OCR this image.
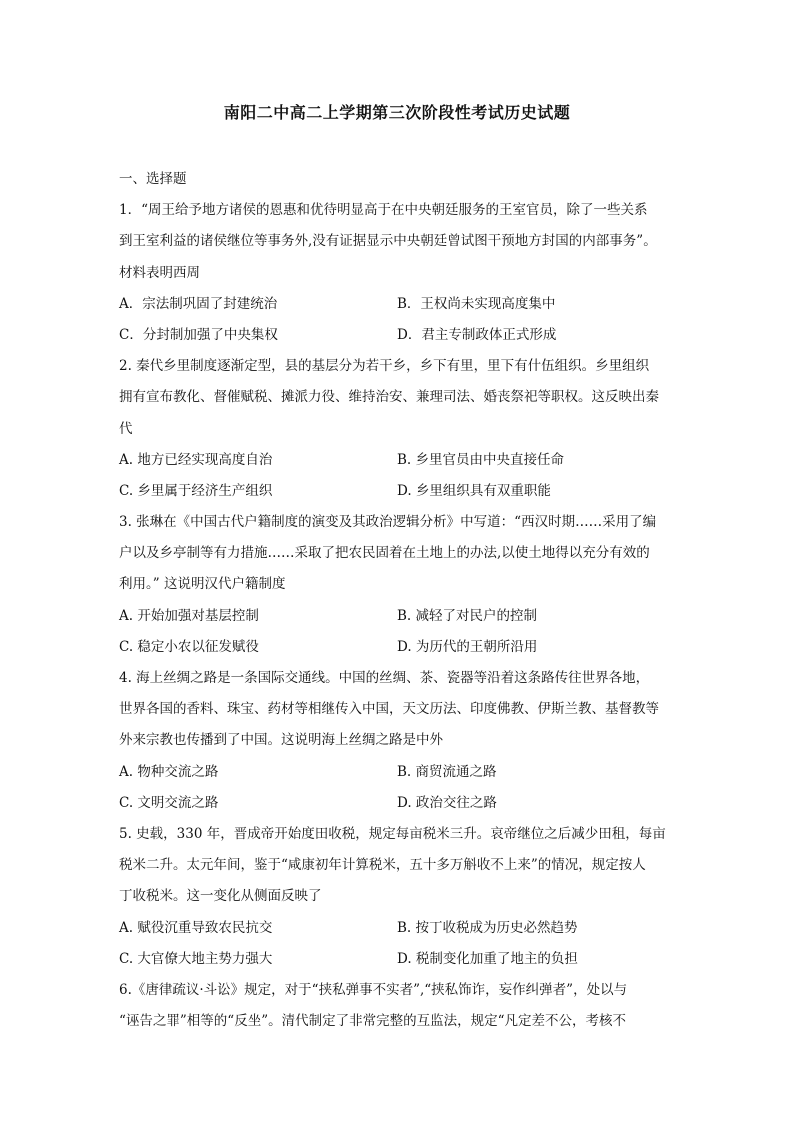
南阳二中高二上学期第三次阶段性考试历史试题
一、选择题
1．“周王给予地方诸侯的恩惠和优待明显高于在中央朝廷服务的王室官员，除了一些关系
到王室利益的诸侯继位等事务外,没有证据显示中央朝廷曾试图干预地方封国的内部事务”。
材料表明西周
A．宗法制巩固了封建统治	B．王权尚未实现高度集中
C．分封制加强了中央集权	D．君主专制政体正式形成
2. 秦代乡里制度逐渐定型，县的基层分为若干乡，乡下有里，里下有什伍组织。乡里组织
拥有宣布教化、督催赋税、摊派力役、维持治安、兼理司法、婚丧祭祀等职权。这反映出秦
代
A. 地方已经实现高度自治	B. 乡里官员由中央直接任命
C. 乡里属于经济生产组织	D. 乡里组织具有双重职能
3. 张琳在《中国古代户籍制度的演变及其政治逻辑分析》中写道：“西汉时期……采用了编
户以及乡亭制等有力措施……采取了把农民固着在土地上的办法,以使土地得以充分有效的
利用。” 这说明汉代户籍制度
A. 开始加强对基层控制	B. 减轻了对民户的控制
C. 稳定小农以征发赋役	D. 为历代的王朝所沿用
4. 海上丝绸之路是一条国际交通线。中国的丝绸、茶、瓷器等沿着这条路传往世界各地，
世界各国的香料、珠宝、药材等相继传入中国，天文历法、印度佛教、伊斯兰教、基督教等
外来宗教也传播到了中国。这说明海上丝绸之路是中外
A. 物种交流之路	B. 商贸流通之路
C. 文明交流之路	D. 政治交往之路
5. 史载，330 年，晋成帝开始度田收税，规定每亩税米三升。哀帝继位之后减少田租，每亩
税米二升。太元年间，鉴于“咸康初年计算税米，五十多万斛收不上来”的情况，规定按人
丁收税米。这一变化从侧面反映了
A. 赋役沉重导致农民抗交	B. 按丁收税成为历史必然趋势
C. 大官僚大地主势力强大	D. 税制变化加重了地主的负担
6.《唐律疏议·斗讼》规定，对于“挟私弹事不实者”,“挟私饰诈，妄作纠弹者”，处以与
“诬告之罪”相等的“反坐”。清代制定了非常完整的互监法，规定“凡定差不公，考核不
